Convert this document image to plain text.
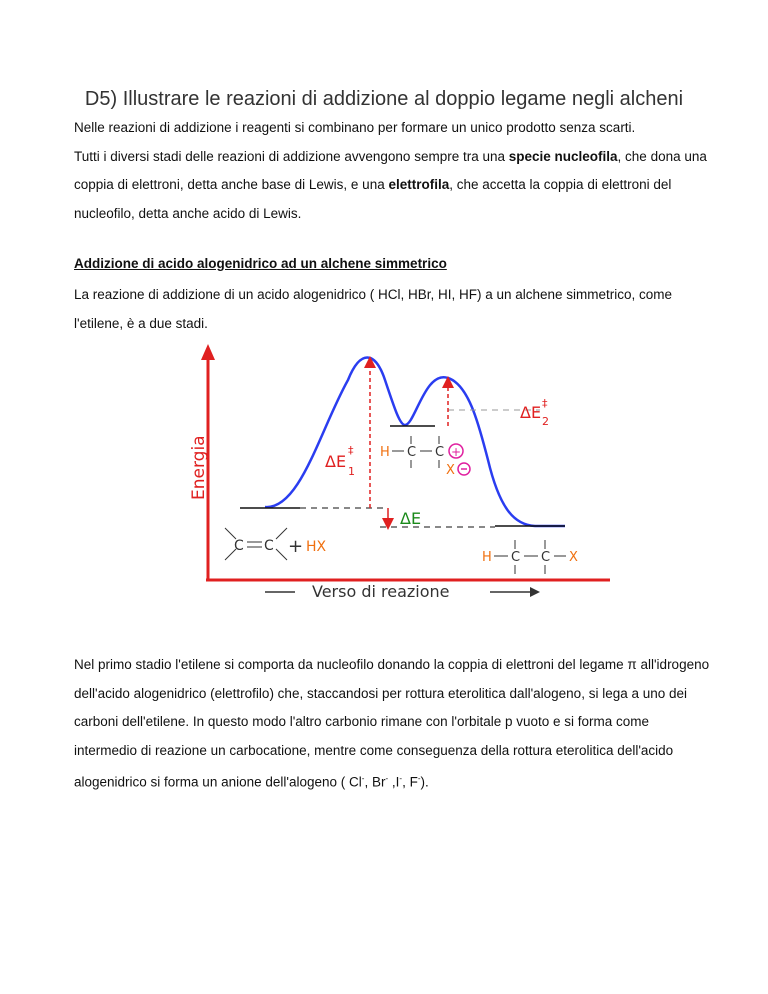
D5) Illustrare le reazioni di addizione al doppio legame negli alcheni
Nelle reazioni di addizione i reagenti si combinano per formare un unico prodotto senza scarti.
Tutti i diversi stadi delle reazioni di addizione avvengono sempre tra una specie nucleofila, che dona una coppia di elettroni, detta anche base di Lewis, e una elettrofila, che accetta la coppia di elettroni del nucleofilo, detta anche acido di Lewis.
Addizione di acido alogenidrico ad un alchene simmetrico
La reazione di addizione di un acido alogenidrico ( HCl, HBr, HI, HF) a un alchene simmetrico, come l'etilene, è a due stadi.
Energia
Verso di reazione
ΔE
‡
1
ΔE ‡
2
ΔE
H C C +
X
C C + HX
H C C X
Nel primo stadio l'etilene si comporta da nucleofilo donando la coppia di elettroni del legame π all'idrogeno dell'acido alogenidrico (elettrofilo) che, staccandosi per rottura eterolitica dall'alogeno, si lega a uno dei carboni dell'etilene. In questo modo l'altro carbonio rimane con l'orbitale p vuoto e si forma come intermedio di reazione un carbocatione, mentre come conseguenza della rottura eterolitica dell'acido alogenidrico si forma un anione dell'alogeno ( Cl-, Br- ,I-, F-).
